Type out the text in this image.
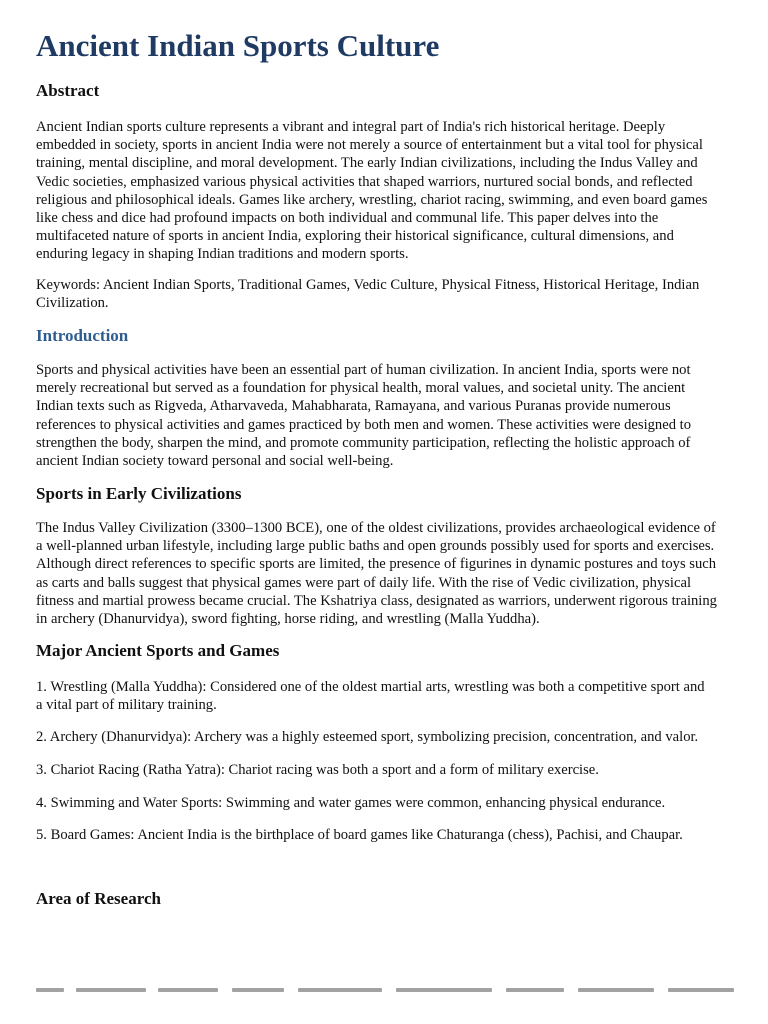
Ancient Indian Sports Culture
Abstract
Ancient Indian sports culture represents a vibrant and integral part of India's rich historical heritage. Deeply
embedded in society, sports in ancient India were not merely a source of entertainment but a vital tool for physical
training, mental discipline, and moral development. The early Indian civilizations, including the Indus Valley and
Vedic societies, emphasized various physical activities that shaped warriors, nurtured social bonds, and reflected
religious and philosophical ideals. Games like archery, wrestling, chariot racing, swimming, and even board games
like chess and dice had profound impacts on both individual and communal life. This paper delves into the
multifaceted nature of sports in ancient India, exploring their historical significance, cultural dimensions, and
enduring legacy in shaping Indian traditions and modern sports.
Keywords: Ancient Indian Sports, Traditional Games, Vedic Culture, Physical Fitness, Historical Heritage, Indian
Civilization.
Introduction
Sports and physical activities have been an essential part of human civilization. In ancient India, sports were not
merely recreational but served as a foundation for physical health, moral values, and societal unity. The ancient
Indian texts such as Rigveda, Atharvaveda, Mahabharata, Ramayana, and various Puranas provide numerous
references to physical activities and games practiced by both men and women. These activities were designed to
strengthen the body, sharpen the mind, and promote community participation, reflecting the holistic approach of
ancient Indian society toward personal and social well-being.
Sports in Early Civilizations
The Indus Valley Civilization (3300–1300 BCE), one of the oldest civilizations, provides archaeological evidence of
a well-planned urban lifestyle, including large public baths and open grounds possibly used for sports and exercises.
Although direct references to specific sports are limited, the presence of figurines in dynamic postures and toys such
as carts and balls suggest that physical games were part of daily life. With the rise of Vedic civilization, physical
fitness and martial prowess became crucial. The Kshatriya class, designated as warriors, underwent rigorous training
in archery (Dhanurvidya), sword fighting, horse riding, and wrestling (Malla Yuddha).
Major Ancient Sports and Games
1. Wrestling (Malla Yuddha): Considered one of the oldest martial arts, wrestling was both a competitive sport and
a vital part of military training.
2. Archery (Dhanurvidya): Archery was a highly esteemed sport, symbolizing precision, concentration, and valor.
3. Chariot Racing (Ratha Yatra): Chariot racing was both a sport and a form of military exercise.
4. Swimming and Water Sports: Swimming and water games were common, enhancing physical endurance.
5. Board Games: Ancient India is the birthplace of board games like Chaturanga (chess), Pachisi, and Chaupar.
Area of Research
